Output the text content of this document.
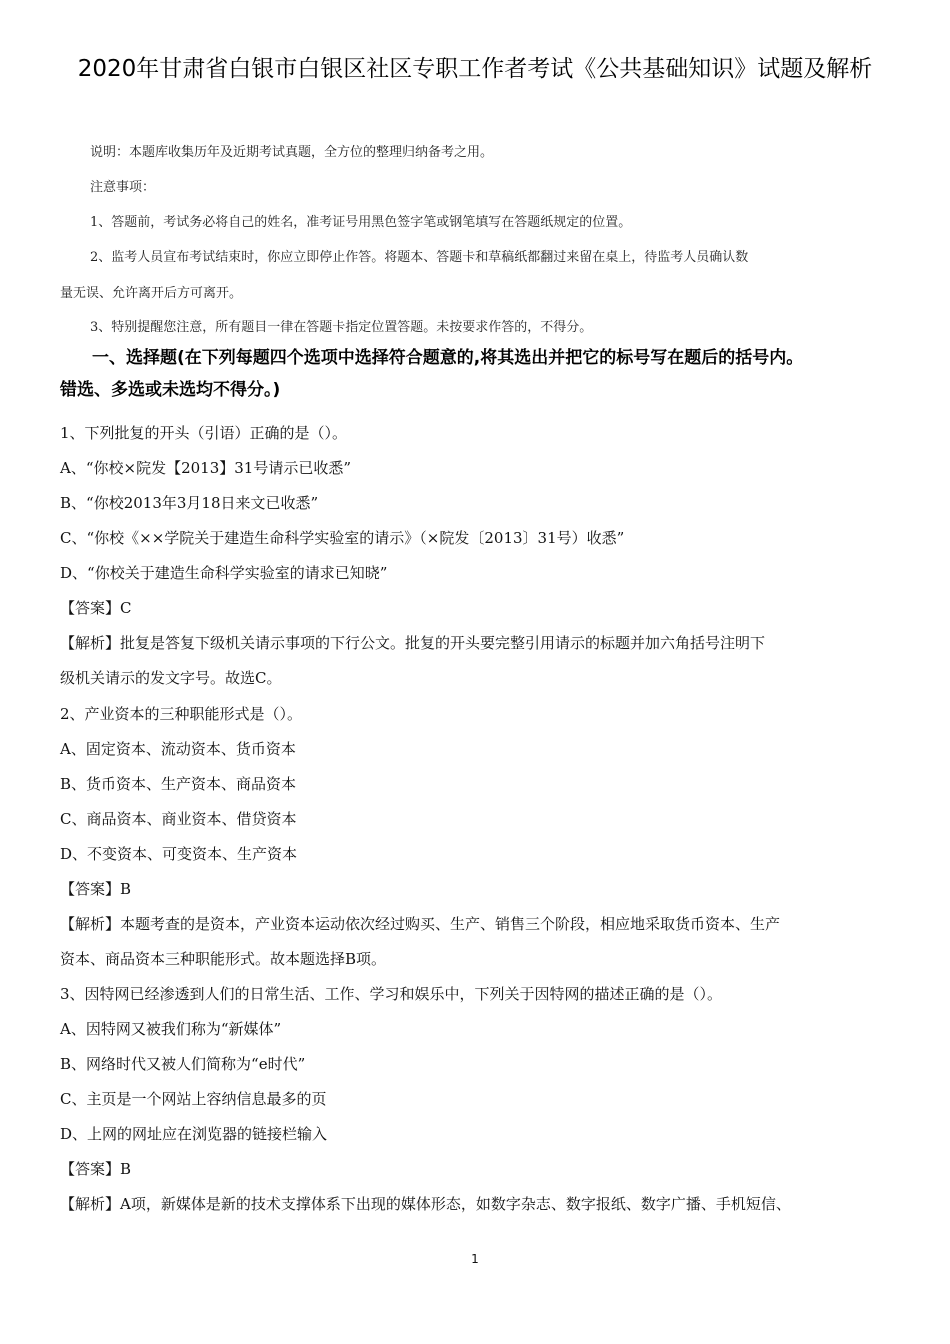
2020年甘肃省白银市白银区社区专职工作者考试《公共基础知识》试题及解析
说明：本题库收集历年及近期考试真题，全方位的整理归纳备考之用。
注意事项：
1、答题前，考试务必将自己的姓名，准考证号用黑色签字笔或钢笔填写在答题纸规定的位置。
2、监考人员宣布考试结束时，你应立即停止作答。将题本、答题卡和草稿纸都翻过来留在桌上，待监考人员确认数
量无误、允许离开后方可离开。
3、特别提醒您注意，所有题目一律在答题卡指定位置答题。未按要求作答的，不得分。
一、选择题(在下列每题四个选项中选择符合题意的,将其选出并把它的标号写在题后的括号内。
错选、多选或未选均不得分。)
1、下列批复的开头（引语）正确的是（）。
A、“你校×院发【2013】31号请示已收悉”
B、“你校2013年3月18日来文已收悉”
C、“你校《××学院关于建造生命科学实验室的请示》（×院发〔2013〕31号）收悉”
D、“你校关于建造生命科学实验室的请求已知晓”
【答案】C
【解析】批复是答复下级机关请示事项的下行公文。批复的开头要完整引用请示的标题并加六角括号注明下
级机关请示的发文字号。故选C。
2、产业资本的三种职能形式是（）。
A、固定资本、流动资本、货币资本
B、货币资本、生产资本、商品资本
C、商品资本、商业资本、借贷资本
D、不变资本、可变资本、生产资本
【答案】B
【解析】本题考查的是资本，产业资本运动依次经过购买、生产、销售三个阶段，相应地采取货币资本、生产
资本、商品资本三种职能形式。故本题选择B项。
3、因特网已经渗透到人们的日常生活、工作、学习和娱乐中，下列关于因特网的描述正确的是（）。
A、因特网又被我们称为“新媒体”
B、网络时代又被人们简称为“e时代”
C、主页是一个网站上容纳信息最多的页
D、上网的网址应在浏览器的链接栏输入
【答案】B
【解析】A项，新媒体是新的技术支撑体系下出现的媒体形态，如数字杂志、数字报纸、数字广播、手机短信、
1
